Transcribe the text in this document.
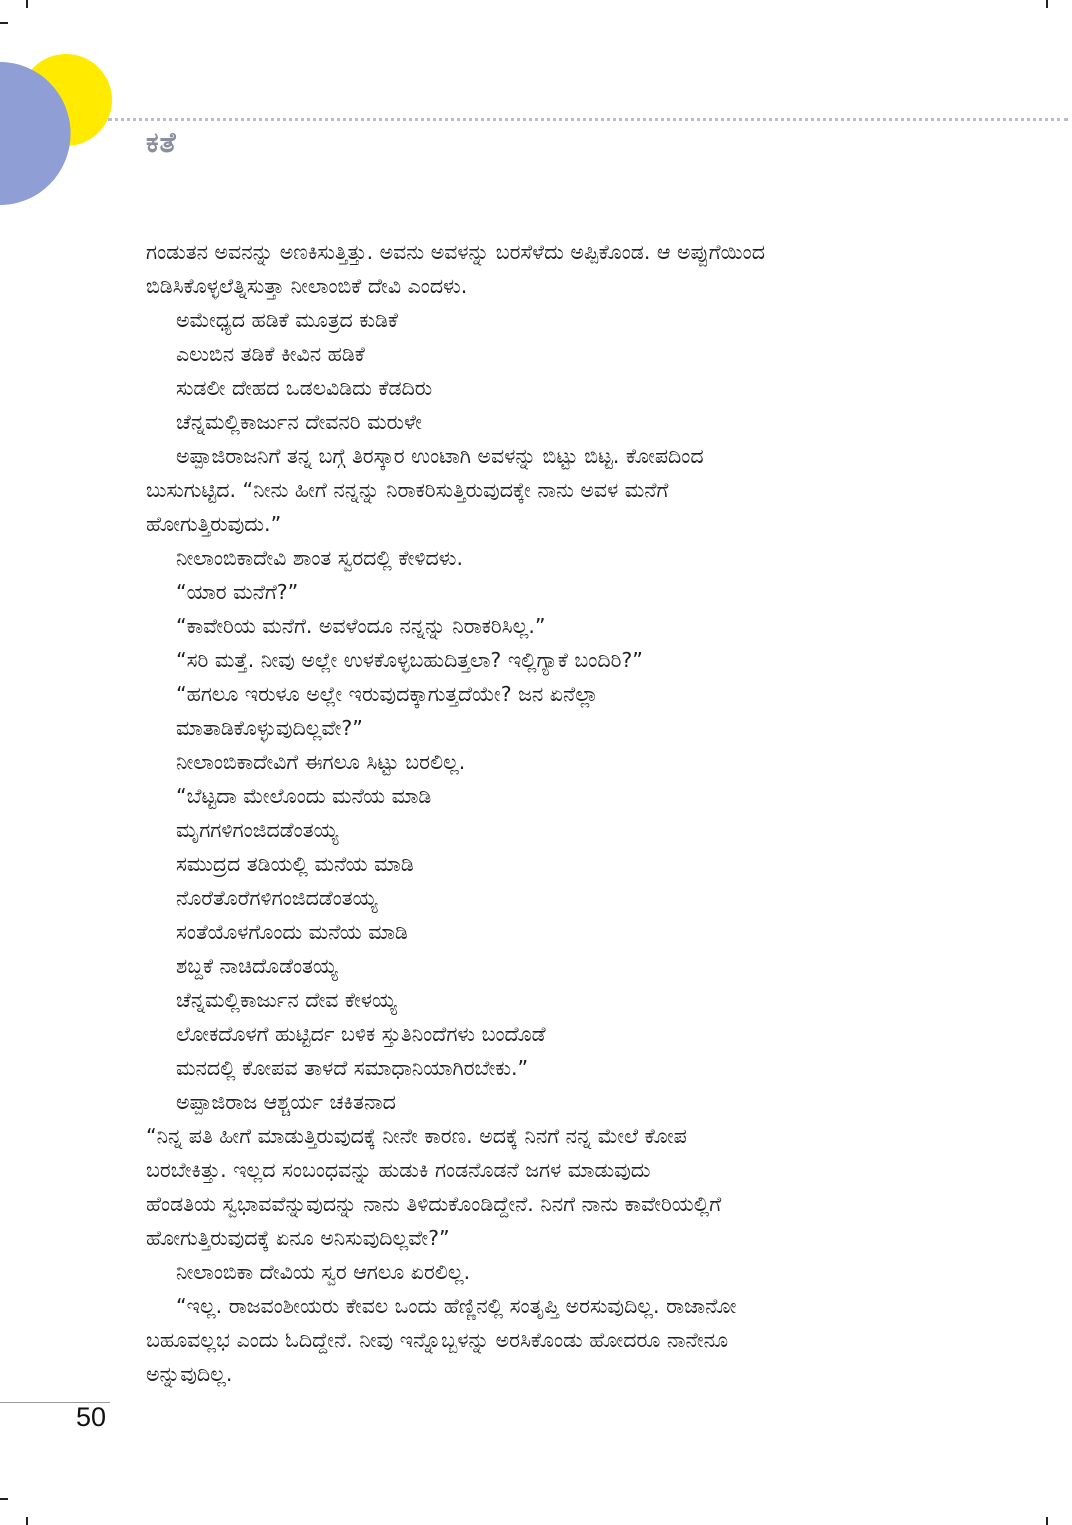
ಕತೆ
ಗಂಡುತನ ಅವನನ್ನು ಅಣಕಿಸುತ್ತಿತ್ತು. ಅವನು ಅವಳನ್ನು ಬರಸೆಳೆದು ಅಪ್ಪಿಕೊಂಡ. ಆ ಅಪ್ಪುಗೆಯಿಂದ
ಬಿಡಿಸಿಕೊಳ್ಳಲೆತ್ನಿಸುತ್ತಾ ನೀಲಾಂಬಿಕೆ ದೇವಿ ಎಂದಳು.
ಅಮೇಧ್ಯದ ಹಡಿಕೆ ಮೂತ್ರದ ಕುಡಿಕೆ
ಎಲುಬಿನ ತಡಿಕೆ ಕೀವಿನ ಹಡಿಕೆ
ಸುಡಲೀ ದೇಹದ ಒಡಲವಿಡಿದು ಕೆಡದಿರು
ಚೆನ್ನಮಲ್ಲಿಕಾರ್ಜುನ ದೇವನರಿ ಮರುಳೇ
ಅಪ್ಪಾಜಿರಾಜನಿಗೆ ತನ್ನ ಬಗ್ಗೆ ತಿರಸ್ಕಾರ ಉಂಟಾಗಿ ಅವಳನ್ನು ಬಿಟ್ಟು ಬಿಟ್ಟ. ಕೋಪದಿಂದ
ಬುಸುಗುಟ್ಟಿದ. “ನೀನು ಹೀಗೆ ನನ್ನನ್ನು ನಿರಾಕರಿಸುತ್ತಿರುವುದಕ್ಕೇ ನಾನು ಅವಳ ಮನೆಗೆ
ಹೋಗುತ್ತಿರುವುದು.”
ನೀಲಾಂಬಿಕಾದೇವಿ ಶಾಂತ ಸ್ವರದಲ್ಲಿ ಕೇಳಿದಳು.
“ಯಾರ ಮನೆಗೆ?”
“ಕಾವೇರಿಯ ಮನೆಗೆ. ಅವಳೆಂದೂ ನನ್ನನ್ನು ನಿರಾಕರಿಸಿಲ್ಲ.”
“ಸರಿ ಮತ್ತೆ. ನೀವು ಅಲ್ಲೇ ಉಳಕೊಳ್ಳಬಹುದಿತ್ತಲಾ? ಇಲ್ಲಿಗ್ಯಾಕೆ ಬಂದಿರಿ?”
“ಹಗಲೂ ಇರುಳೂ ಅಲ್ಲೇ ಇರುವುದಕ್ಕಾಗುತ್ತದೆಯೇ? ಜನ ಏನೆಲ್ಲಾ
ಮಾತಾಡಿಕೊಳ್ಳುವುದಿಲ್ಲವೇ?”
ನೀಲಾಂಬಿಕಾದೇವಿಗೆ ಈಗಲೂ ಸಿಟ್ಟು ಬರಲಿಲ್ಲ.
“ಬೆಟ್ಟದಾ ಮೇಲೊಂದು ಮನೆಯ ಮಾಡಿ
ಮೃಗಗಳಿಗಂಜಿದಡೆಂತಯ್ಯ
ಸಮುದ್ರದ ತಡಿಯಲ್ಲಿ ಮನೆಯ ಮಾಡಿ
ನೊರೆತೊರೆಗಳಿಗಂಜಿದಡೆಂತಯ್ಯ
ಸಂತೆಯೊಳಗೊಂದು ಮನೆಯ ಮಾಡಿ
ಶಬ್ದಕೆ ನಾಚಿದೊಡೆಂತಯ್ಯ
ಚೆನ್ನಮಲ್ಲಿಕಾರ್ಜುನ ದೇವ ಕೇಳಯ್ಯ
ಲೋಕದೊಳಗೆ ಹುಟ್ಟಿರ್ದ ಬಳಿಕ ಸ್ತುತಿನಿಂದೆಗಳು ಬಂದೊಡೆ
ಮನದಲ್ಲಿ ಕೋಪವ ತಾಳದೆ ಸಮಾಧಾನಿಯಾಗಿರಬೇಕು.”
ಅಪ್ಪಾಜಿರಾಜ ಆಶ್ಚರ್ಯ ಚಕಿತನಾದ
“ನಿನ್ನ ಪತಿ ಹೀಗೆ ಮಾಡುತ್ತಿರುವುದಕ್ಕೆ ನೀನೇ ಕಾರಣ. ಅದಕ್ಕೆ ನಿನಗೆ ನನ್ನ ಮೇಲೆ ಕೋಪ
ಬರಬೇಕಿತ್ತು. ಇಲ್ಲದ ಸಂಬಂಧವನ್ನು ಹುಡುಕಿ ಗಂಡನೊಡನೆ ಜಗಳ ಮಾಡುವುದು
ಹೆಂಡತಿಯ ಸ್ವಭಾವವೆನ್ನುವುದನ್ನು ನಾನು ತಿಳಿದುಕೊಂಡಿದ್ದೇನೆ. ನಿನಗೆ ನಾನು ಕಾವೇರಿಯಲ್ಲಿಗೆ
ಹೋಗುತ್ತಿರುವುದಕ್ಕೆ ಏನೂ ಅನಿಸುವುದಿಲ್ಲವೇ?”
ನೀಲಾಂಬಿಕಾ ದೇವಿಯ ಸ್ವರ ಆಗಲೂ ಏರಲಿಲ್ಲ.
“ಇಲ್ಲ. ರಾಜವಂಶೀಯರು ಕೇವಲ ಒಂದು ಹೆಣ್ಣಿನಲ್ಲಿ ಸಂತೃಪ್ತಿ ಅರಸುವುದಿಲ್ಲ. ರಾಜಾನೋ
ಬಹೂವಲ್ಲಭ ಎಂದು ಓದಿದ್ದೇನೆ. ನೀವು ಇನ್ನೊಬ್ಬಳನ್ನು ಅರಸಿಕೊಂಡು ಹೋದರೂ ನಾನೇನೂ
ಅನ್ನುವುದಿಲ್ಲ.
50
